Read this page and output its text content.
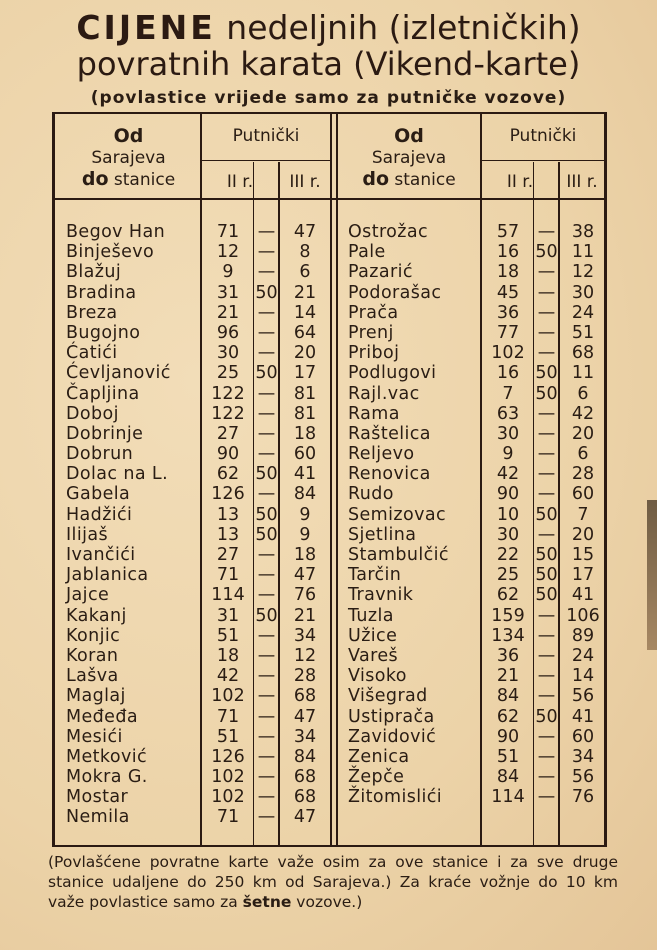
CIJENE nedeljnih (izletničkih)
povratnih karata (Vikend-karte)
(povlastice vrijede samo za putničke vozove)
Od
Sarajeva
do stanice
Putnički
II r.	III r.
Od
Sarajeva
do stanice
Putnički
II r.	III r.
Begov Han
Binješevo
Blažuj
Bradina
Breza
Bugojno
Ćatići
Ćevljanović
Čapljina
Doboj
Dobrinje
Dobrun
Dolac na L.
Gabela
Hadžići
Ilijaš
Ivančići
Jablanica
Jajce
Kakanj
Konjic
Koran
Lašva
Maglaj
Međeđa
Mesići
Metković
Mokra G.
Mostar
Nemila
71
12
9
31
21
96
30
25
122
122
27
90
62
126
13
13
27
71
114
31
51
18
42
102
71
51
126
102
102
71
—
—
—
50
—
—
—
50
—
—
—
—
50
—
50
50
—
—
—
50
—
—
—
—
—
—
—
—
—
—
47
8
6
21
14
64
20
17
81
81
18
60
41
84
9
9
18
47
76
21
34
12
28
68
47
34
84
68
68
47
Ostrožac
Pale
Pazarić
Podorašac
Prača
Prenj
Priboj
Podlugovi
Rajl.vac
Rama
Raštelica
Reljevo
Renovica
Rudo
Semizovac
Sjetlina
Stambulčić
Tarčin
Travnik
Tuzla
Užice
Vareš
Visoko
Višegrad
Ustiprača
Zavidović
Zenica
Žepče
Žitomislići
57
16
18
45
36
77
102
16
7
63
30
9
42
90
10
30
22
25
62
159
134
36
21
84
62
90
51
84
114
—
50
—
—
—
—
—
50
50
—
—
—
—
—
50
—
50
50
50
—
—
—
—
—
50
—
—
—
—
38
11
12
30
24
51
68
11
6
42
20
6
28
60
7
20
15
17
41
106
89
24
14
56
41
60
34
56
76
(Povlašćene povratne karte važe osim za ove stanice i za sve druge stanice udaljene do 250 km od Sarajeva.) Za kraće vožnje do 10 km važe povlastice samo za šetne vozove.)
